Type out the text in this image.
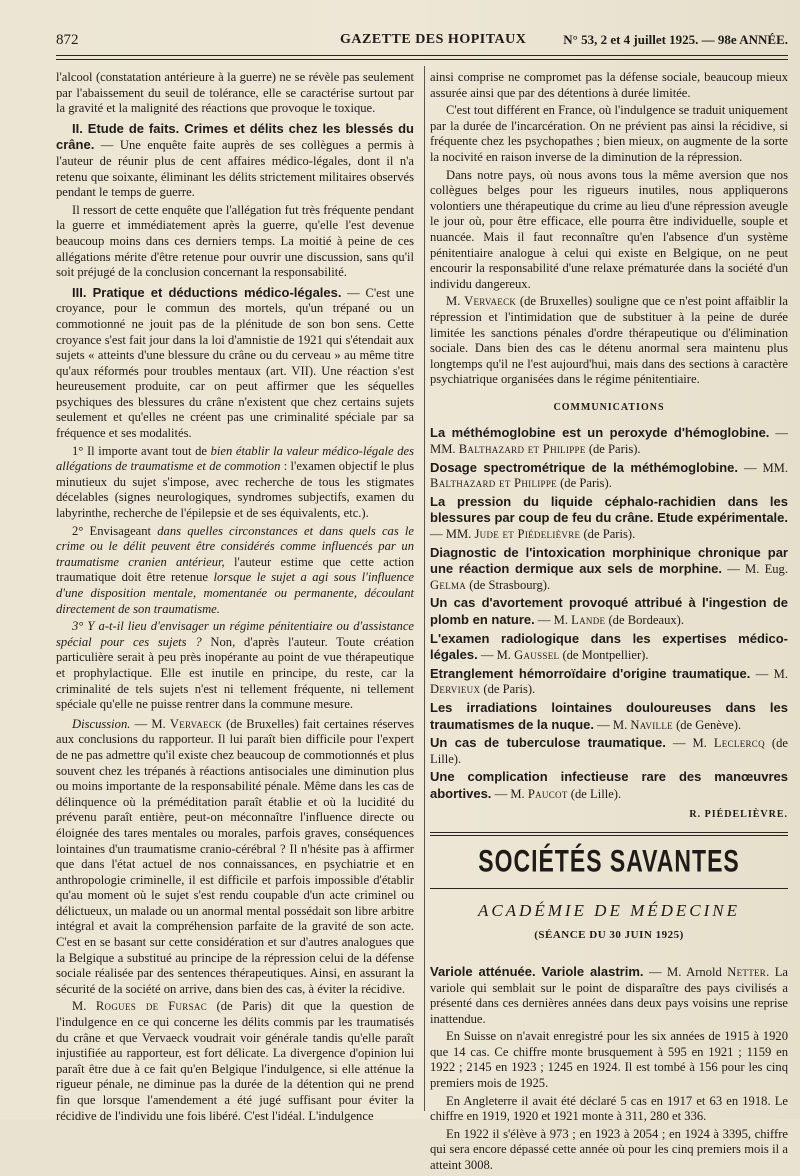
872	GAZETTE DES HOPITAUX	N° 53, 2 et 4 juillet 1925. — 98e ANNÉE.

l'alcool (constatation antérieure à la guerre) ne se révèle pas seulement par l'abaissement du seuil de tolérance, elle se caractérise surtout par la gravité et la malignité des réactions que provoque le toxique.

II. Etude de faits. Crimes et délits chez les blessés du crâne. — Une enquête faite auprès de ses collègues a permis à l'auteur de réunir plus de cent affaires médico-légales, dont il n'a retenu que soixante, éliminant les délits strictement militaires observés pendant le temps de guerre.

Il ressort de cette enquête que l'allégation fut très fréquente pendant la guerre et immédiatement après la guerre, qu'elle l'est devenue beaucoup moins dans ces derniers temps. La moitié à peine de ces allégations mérite d'être retenue pour ouvrir une discussion, sans qu'il soit préjugé de la conclusion concernant la responsabilité.

III. Pratique et déductions médico-légales. — C'est une croyance, pour le commun des mortels, qu'un trépané ou un commotionné ne jouit pas de la plénitude de son bon sens. Cette croyance s'est fait jour dans la loi d'amnistie de 1921 qui s'étendait aux sujets « atteints d'une blessure du crâne ou du cerveau » au même titre qu'aux réformés pour troubles mentaux (art. VII). Une réaction s'est heureusement produite, car on peut affirmer que les séquelles psychiques des blessures du crâne n'existent que chez certains sujets seulement et qu'elles ne créent pas une criminalité spéciale par sa fréquence et ses modalités.

1° Il importe avant tout de bien établir la valeur médico-légale des allégations de traumatisme et de commotion : l'examen objectif le plus minutieux du sujet s'impose, avec recherche de tous les stigmates décelables (signes neurologiques, syndromes subjectifs, examen du labyrinthe, recherche de l'épilepsie et de ses équivalents, etc.).

2° Envisageant dans quelles circonstances et dans quels cas le crime ou le délit peuvent être considérés comme influencés par un traumatisme cranien antérieur, l'auteur estime que cette action traumatique doit être retenue lorsque le sujet a agi sous l'influence d'une disposition mentale, momentanée ou permanente, découlant directement de son traumatisme.

3° Y a-t-il lieu d'envisager un régime pénitentiaire ou d'assistance spécial pour ces sujets ? Non, d'après l'auteur. Toute création particulière serait à peu près inopérante au point de vue thérapeutique et prophylactique. Elle est inutile en principe, du reste, car la criminalité de tels sujets n'est ni tellement fréquente, ni tellement spéciale qu'elle ne puisse rentrer dans la commune mesure.

Discussion. — M. Vervaeck (de Bruxelles) fait certaines réserves aux conclusions du rapporteur. Il lui paraît bien difficile pour l'expert de ne pas admettre qu'il existe chez beaucoup de commotionnés et plus souvent chez les trépanés à réactions antisociales une diminution plus ou moins importante de la responsabilité pénale. Même dans les cas de délinquence où la préméditation paraît établie et où la lucidité du prévenu paraît entière, peut-on méconnaître l'influence directe ou éloignée des tares mentales ou morales, parfois graves, conséquences lointaines d'un traumatisme cranio-cérébral ? Il n'hésite pas à affirmer que dans l'état actuel de nos connaissances, en psychiatrie et en anthropologie criminelle, il est difficile et parfois impossible d'établir qu'au moment où le sujet s'est rendu coupable d'un acte criminel ou délictueux, un malade ou un anormal mental possédait son libre arbitre intégral et avait la compréhension parfaite de la gravité de son acte. C'est en se basant sur cette considération et sur d'autres analogues que la Belgique a substitué au principe de la répression celui de la défense sociale réalisée par des sentences thérapeutiques. Ainsi, en assurant la sécurité de la société on arrive, dans bien des cas, à éviter la récidive.

M. Rogues de Fursac (de Paris) dit que la question de l'indulgence en ce qui concerne les délits commis par les traumatisés du crâne et que Vervaeck voudrait voir générale tandis qu'elle paraît injustifiée au rapporteur, est fort délicate. La divergence d'opinion lui paraît être due à ce fait qu'en Belgique l'indulgence, si elle atténue la rigueur pénale, ne diminue pas la durée de la détention qui ne prend fin que lorsque l'amendement a été jugé suffisant pour éviter la récidive de l'individu une fois libéré. C'est l'idéal. L'indulgence

ainsi comprise ne compromet pas la défense sociale, beaucoup mieux assurée ainsi que par des détentions à durée limitée.

C'est tout différent en France, où l'indulgence se traduit uniquement par la durée de l'incarcération. On ne prévient pas ainsi la récidive, si fréquente chez les psychopathes ; bien mieux, on augmente de la sorte la nocivité en raison inverse de la diminution de la répression.

Dans notre pays, où nous avons tous la même aversion que nos collègues belges pour les rigueurs inutiles, nous appliquerons volontiers une thérapeutique du crime au lieu d'une répression aveugle le jour où, pour être efficace, elle pourra être individuelle, souple et nuancée. Mais il faut reconnaître qu'en l'absence d'un système pénitentiaire analogue à celui qui existe en Belgique, on ne peut encourir la responsabilité d'une relaxe prématurée dans la société d'un individu dangereux.

M. Vervaeck (de Bruxelles) souligne que ce n'est point affaiblir la répression et l'intimidation que de substituer à la peine de durée limitée les sanctions pénales d'ordre thérapeutique ou d'élimination sociale. Dans bien des cas le détenu anormal sera maintenu plus longtemps qu'il ne l'est aujourd'hui, mais dans des sections à caractère psychiatrique organisées dans le régime pénitentiaire.

COMMUNICATIONS

La méthémoglobine est un peroxyde d'hémoglobine. — MM. Balthazard et Philippe (de Paris).

Dosage spectrométrique de la méthémoglobine. — MM. Balthazard et Philippe (de Paris).

La pression du liquide céphalo-rachidien dans les blessures par coup de feu du crâne. Etude expérimentale. — MM. Jude et Piédelièvre (de Paris).

Diagnostic de l'intoxication morphinique chronique par une réaction dermique aux sels de morphine. — M. Eug. Gelma (de Strasbourg).

Un cas d'avortement provoqué attribué à l'ingestion de plomb en nature. — M. Lande (de Bordeaux).

L'examen radiologique dans les expertises médico-légales. — M. Gaussel (de Montpellier).

Etranglement hémorroïdaire d'origine traumatique. — M. Dervieux (de Paris).

Les irradiations lointaines douloureuses dans les traumatismes de la nuque. — M. Naville (de Genève).

Un cas de tuberculose traumatique. — M. Leclercq (de Lille).

Une complication infectieuse rare des manœuvres abortives. — M. Paucot (de Lille).

R. PIÉDELIÈVRE.
SOCIÉTÉS SAVANTES
ACADÉMIE DE MÉDECINE
(SÉANCE DU 30 JUIN 1925)

Variole atténuée. Variole alastrim. — M. Arnold Netter. La variole qui semblait sur le point de disparaître des pays civilisés a présenté dans ces dernières années dans deux pays voisins une reprise inattendue.

En Suisse on n'avait enregistré pour les six années de 1915 à 1920 que 14 cas. Ce chiffre monte brusquement à 595 en 1921 ; 1159 en 1922 ; 2145 en 1923 ; 1245 en 1924. Il est tombé à 156 pour les cinq premiers mois de 1925.

En Angleterre il avait été déclaré 5 cas en 1917 et 63 en 1918. Le chiffre en 1919, 1920 et 1921 monte à 311, 280 et 336.

En 1922 il s'élève à 973 ; en 1923 à 2054 ; en 1924 à 3395, chiffre qui sera encore dépassé cette année où pour les cinq premiers mois il a atteint 3008.
